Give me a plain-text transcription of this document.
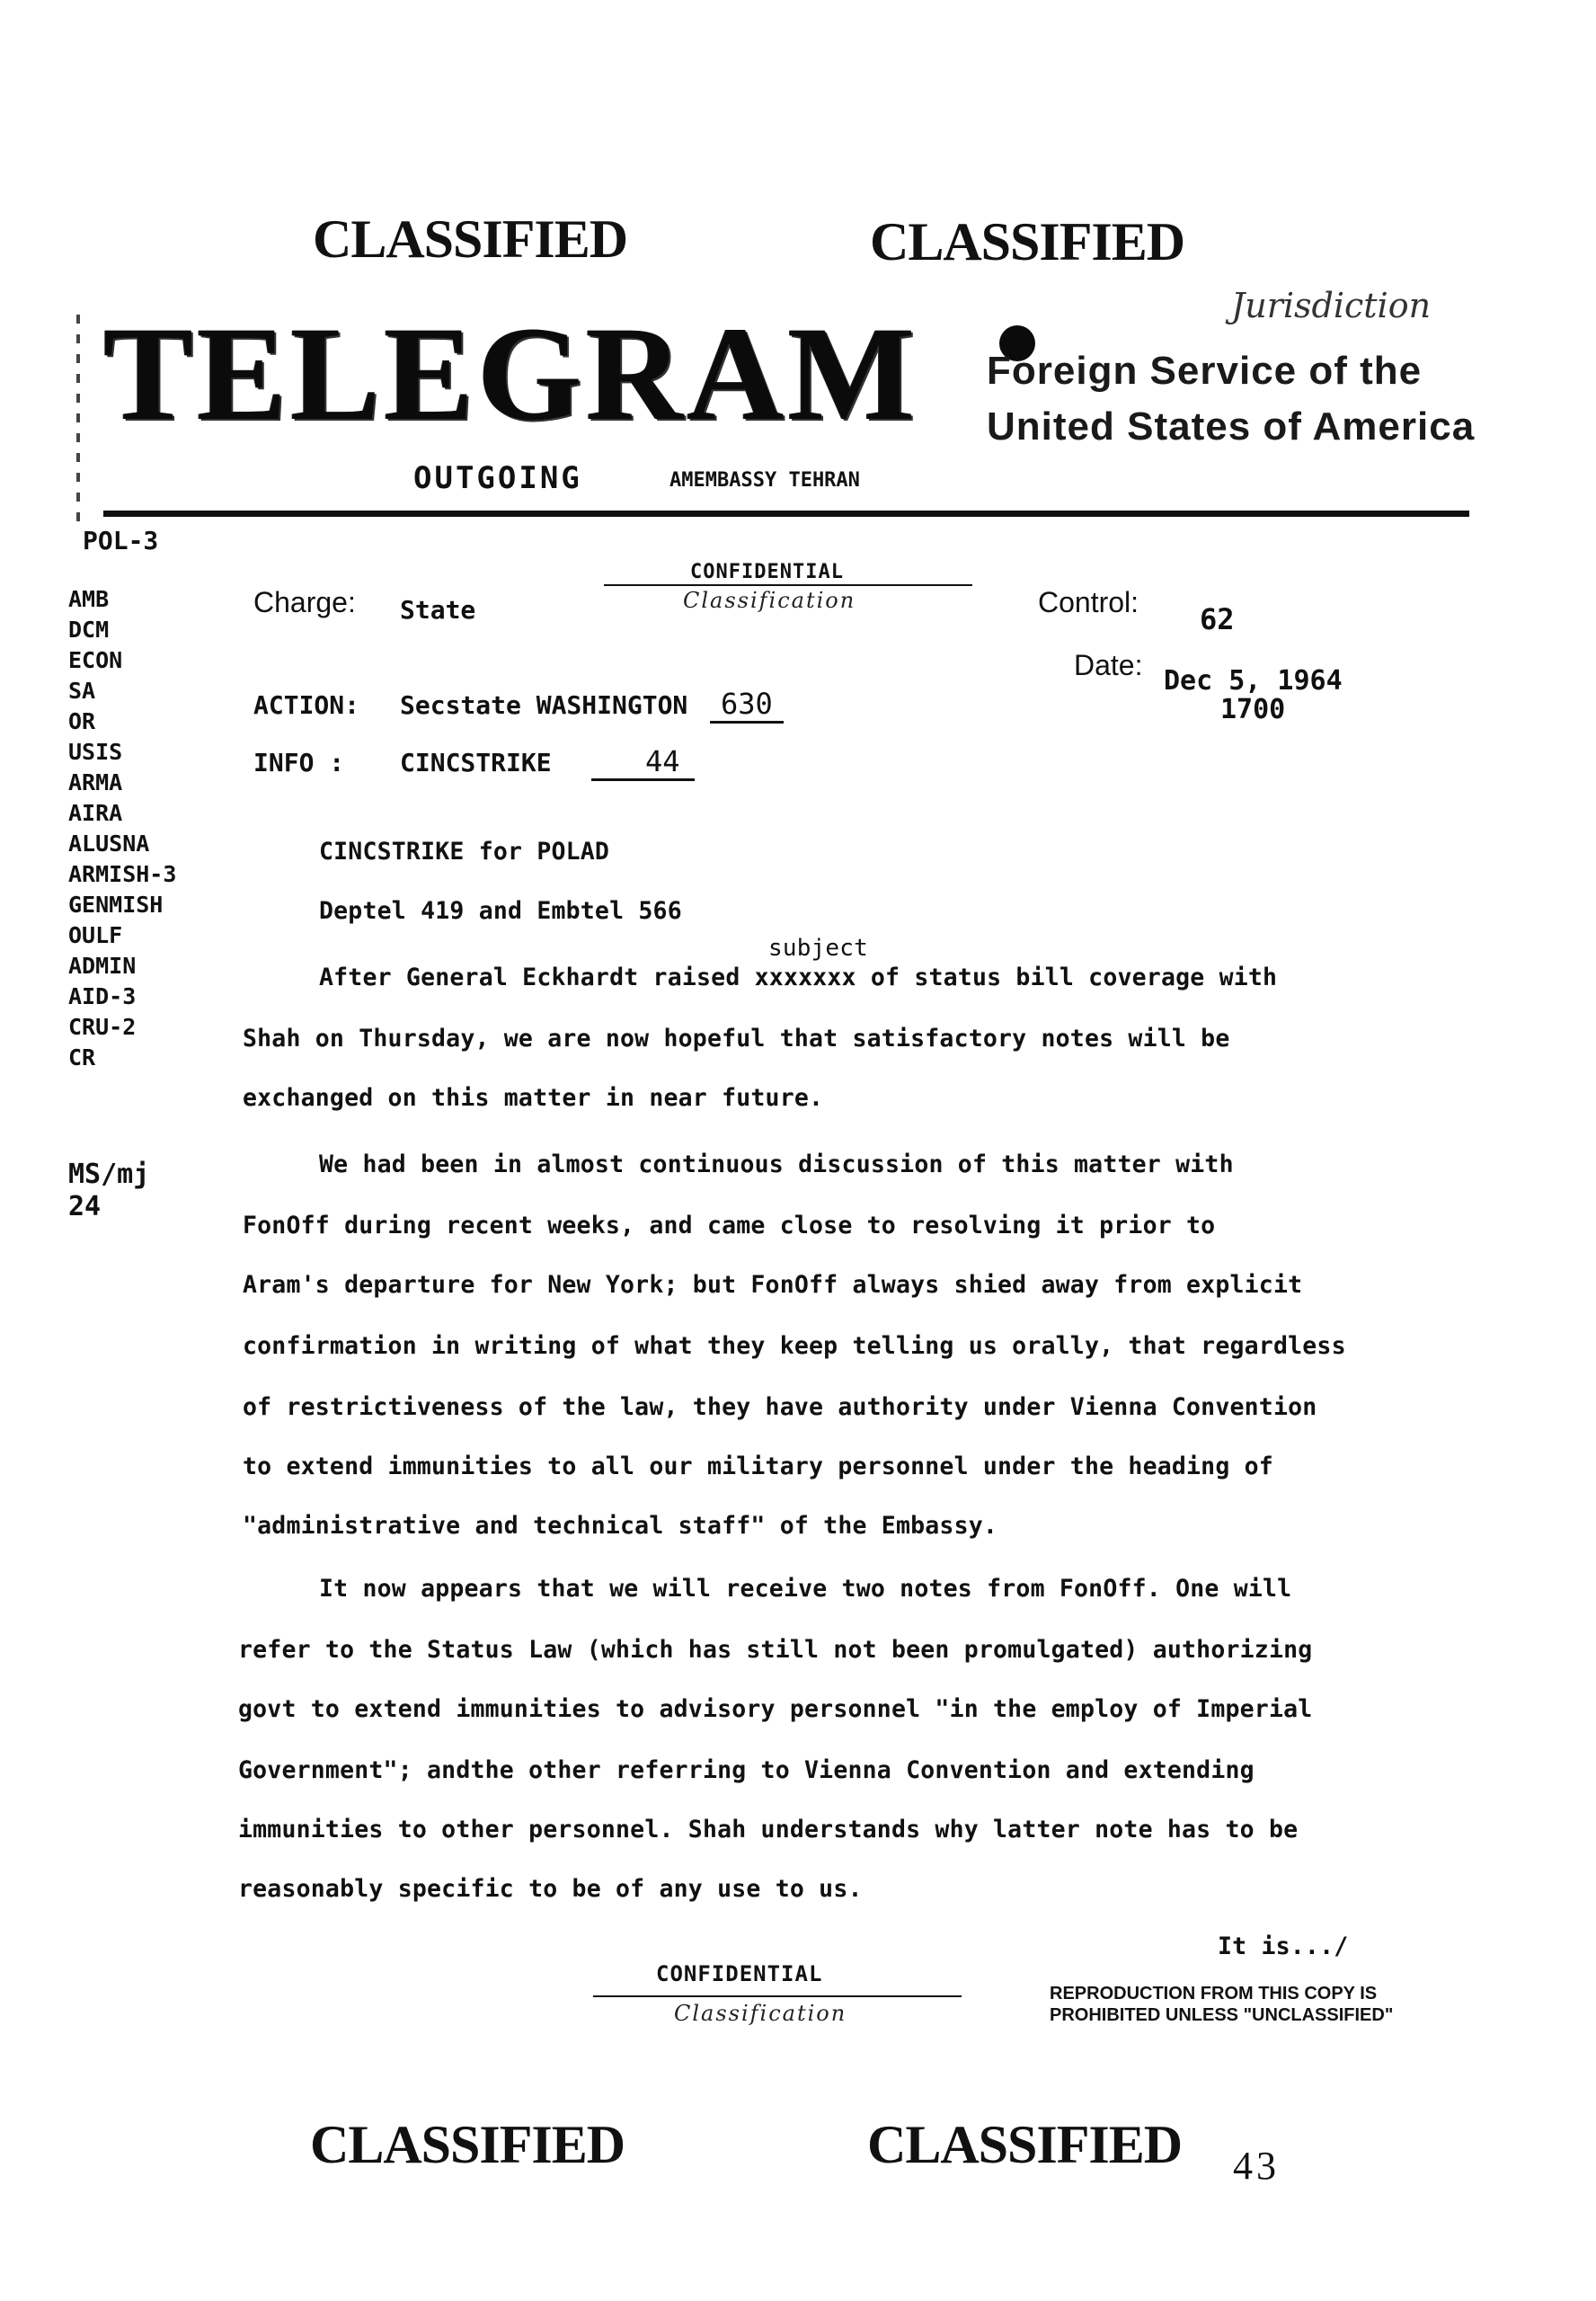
CLASSIFIED	CLASSIFIED
TELEGRAM	Jurisdiction
Foreign Service of the
United States of America
OUTGOING	AMEMBASSY TEHRAN
POL-3
AMB
DCM
ECON
SA
OR
USIS
ARMA
AIRA
ALUSNA
ARMISH-3
GENMISH
OULF
ADMIN
AID-3
CRU-2
CR
MS/mj
24
Charge: State
CONFIDENTIAL
Classification	Control: 62
Date: Dec 5, 1964
1700
ACTION: Secstate WASHINGTON	630
INFO : CINCSTRIKE	44
CINCSTRIKE for POLAD
Deptel 419 and Embtel 566
subject
After General Eckhardt raised xxxxxxx of status bill coverage with
Shah on Thursday, we are now hopeful that satisfactory notes will be
exchanged on this matter in near future.
We had been in almost continuous discussion of this matter with
FonOff during recent weeks, and came close to resolving it prior to
Aram's departure for New York; but FonOff always shied away from explicit
confirmation in writing of what they keep telling us orally, that regardless
of restrictiveness of the law, they have authority under Vienna Convention
to extend immunities to all our military personnel under the heading of
"administrative and technical staff" of the Embassy.
It now appears that we will receive two notes from FonOff. One will
refer to the Status Law (which has still not been promulgated) authorizing
govt to extend immunities to advisory personnel "in the employ of Imperial
Government"; andthe other referring to Vienna Convention and extending
immunities to other personnel. Shah understands why latter note has to be
reasonably specific to be of any use to us.
It is.../
CONFIDENTIAL
Classification
REPRODUCTION FROM THIS COPY IS
PROHIBITED UNLESS "UNCLASSIFIED"
CLASSIFIED	CLASSIFIED 43
